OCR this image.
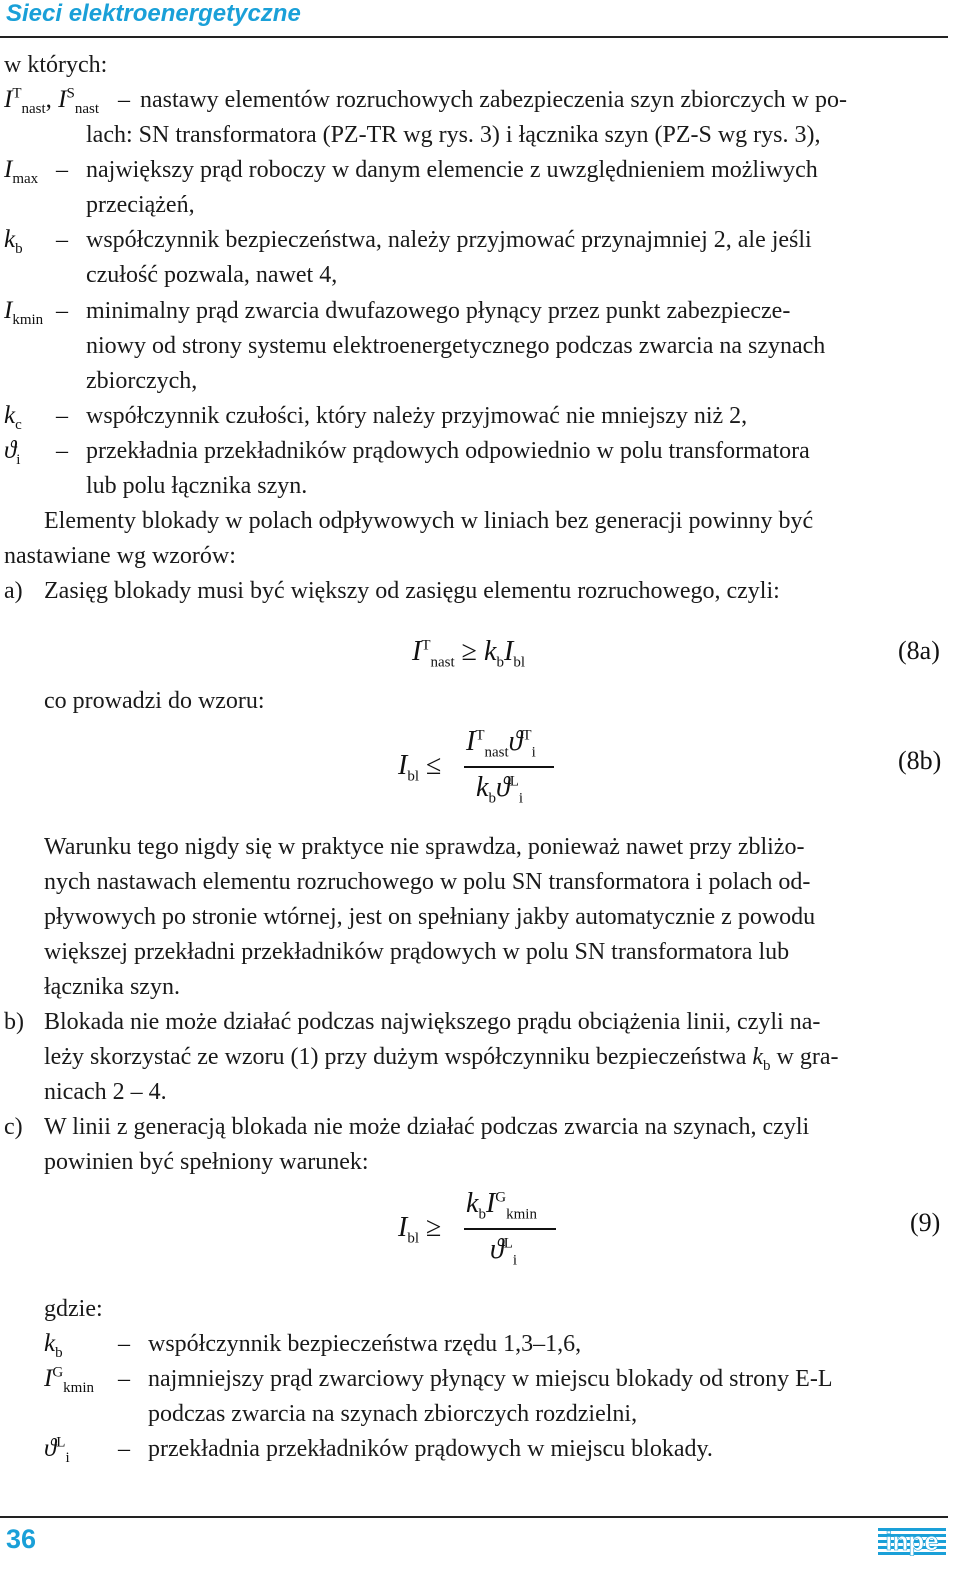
Sieci elektroenergetyczne
w których:
$I^T_{nast}$, $I^S_{nast}$ – nastawy elementów rozruchowych zabezpieczenia szyn zbiorczych w po-
lach: SN transformatora (PZ-TR wg rys. 3) i łącznika szyn (PZ-S wg rys. 3),
$I_{max}$ – największy prąd roboczy w danym elemencie z uwzględnieniem możliwych
przeciążeń,
$k_b$ – współczynnik bezpieczeństwa, należy przyjmować przynajmniej 2, ale jeśli
czułość pozwala, nawet 4,
$I_{kmin}$ – minimalny prąd zwarcia dwufazowego płynący przez punkt zabezpiecze-
niowy od strony systemu elektroenergetycznego podczas zwarcia na szynach
zbiorczych,
$k_c$ – współczynnik czułości, który należy przyjmować nie mniejszy niż 2,
$ϑ_i$ – przekładnia przekładników prądowych odpowiednio w polu transformatora
lub polu łącznika szyn.
Elementy blokady w polach odpływowych w liniach bez generacji powinny być
nastawiane wg wzorów:
a) Zasięg blokady musi być większy od zasięgu elementu rozruchowego, czyli:
$I^T_{nast} \ge k_bI_{bl}$	(8a)
co prowadzi do wzoru:
$I_{bl}$ ≤
$I^T_{nast}ϑ^T_i$
$k_bϑ^L_i$
(8b)
Warunku tego nigdy się w praktyce nie sprawdza, ponieważ nawet przy zbliżo-
nych nastawach elementu rozruchowego w polu SN transformatora i polach od-
pływowych po stronie wtórnej, jest on spełniany jakby automatycznie z powodu
większej przekładni przekładników prądowych w polu SN transformatora lub
łącznika szyn.
b) Blokada nie może działać podczas największego prądu obciążenia linii, czyli na-
leży skorzystać ze wzoru (1) przy dużym współczynniku bezpieczeństwa $k_b$ w gra-
nicach 2 – 4.
c) W linii z generacją blokada nie może działać podczas zwarcia na szynach, czyli
powinien być spełniony warunek:
$I_{bl}$ ≥
$k_bI^G_{kmin}$
$ϑ^L_i$
(9)
gdzie:
$k_b$ – współczynnik bezpieczeństwa rzędu 1,3–1,6,
$I^G_{kmin}$ – najmniejszy prąd zwarciowy płynący w miejscu blokady od strony E-L
podczas zwarcia na szynach zbiorczych rozdzielni,
$ϑ^L_i$ – przekładnia przekładników prądowych w miejscu blokady.
36	inpe
